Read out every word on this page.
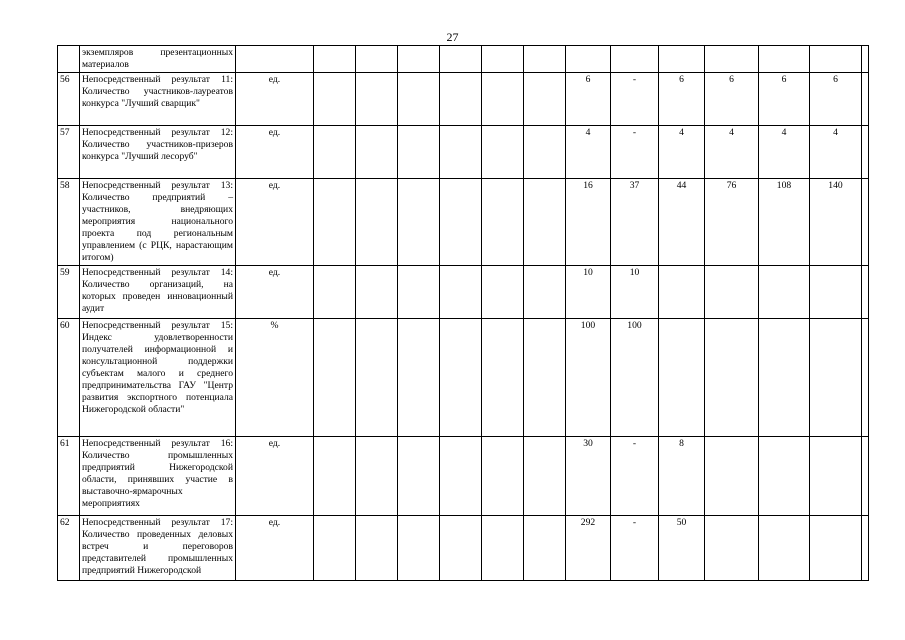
27
	экземпляров презентационных материалов														
56	Непосредственный результат 11: Количество участников-лауреатов конкурса "Лучший сварщик"	ед.							6	-	6	6	6	6	
57	Непосредственный результат 12: Количество участников-призеров конкурса "Лучший лесоруб"	ед.							4	-	4	4	4	4	
58	Непосредственный результат 13: Количество предприятий – участников, внедряющих мероприятия национального проекта под региональным управлением (с РЦК, нарастающим итогом)	ед.							16	37	44	76	108	140	
59	Непосредственный результат 14: Количество организаций, на которых проведен инновационный аудит	ед.							10	10					
60	Непосредственный результат 15: Индекс удовлетворенности получателей информационной и консультационной поддержки субъектам малого и среднего предпринимательства ГАУ "Центр развития экспортного потенциала Нижегородской области"	%							100	100					
61	Непосредственный результат 16: Количество промышленных предприятий Нижегородской области, принявших участие в выставочно-ярмарочных мероприятиях	ед.							30	-	8				
62	Непосредственный результат 17: Количество проведенных деловых встреч и переговоров представителей промышленных предприятий Нижегородской	ед.							292	-	50				
